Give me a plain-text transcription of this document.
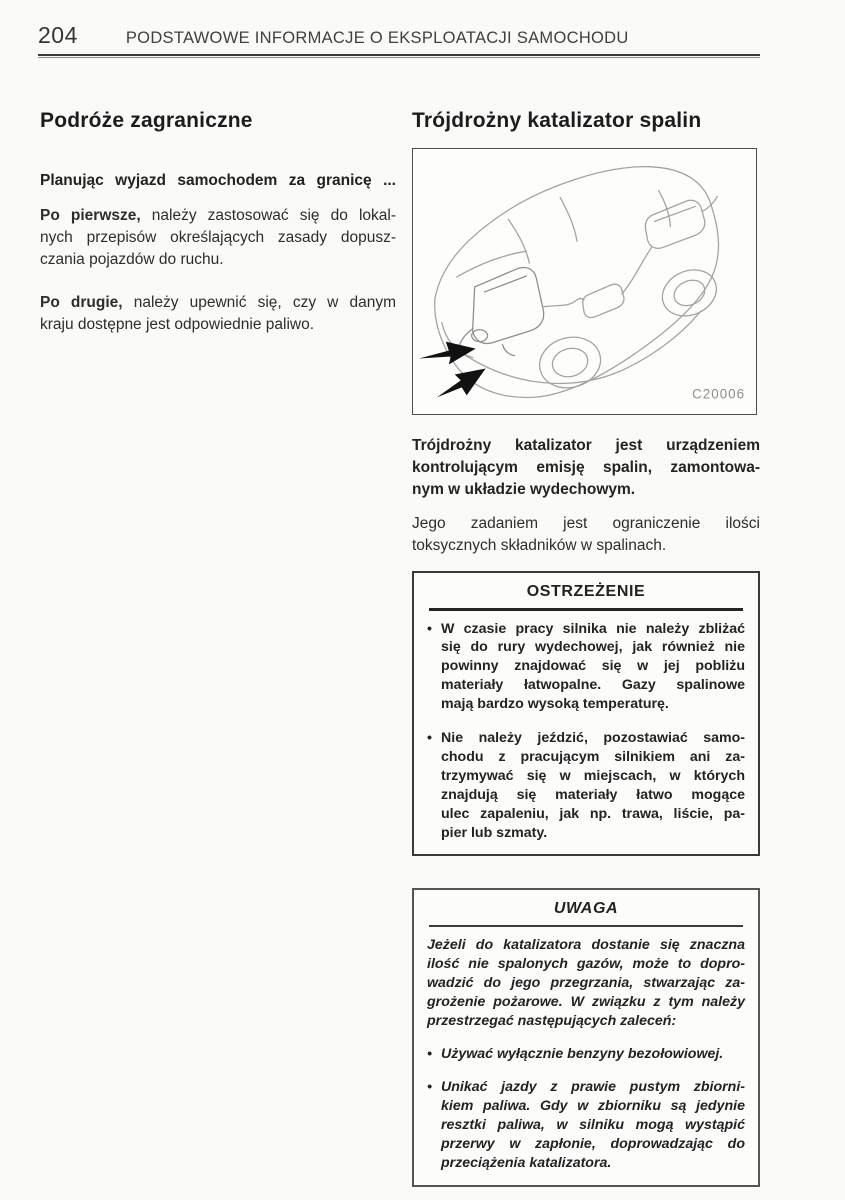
204	PODSTAWOWE INFORMACJE O EKSPLOATACJI SAMOCHODU
Podróże zagraniczne
Planując wyjazd samochodem za granicę ...
Po pierwsze, należy zastosować się do lokal-
nych przepisów określających zasady dopusz-
czania pojazdów do ruchu.
Po drugie, należy upewnić się, czy w danym
kraju dostępne jest odpowiednie paliwo.
Trójdrożny katalizator spalin
C20006
Trójdrożny katalizator jest urządzeniem
kontrolującym emisję spalin, zamontowa-
nym w układzie wydechowym.
Jego zadaniem jest ograniczenie ilości
toksycznych składników w spalinach.
OSTRZEŻENIE
• W czasie pracy silnika nie należy zbliżać
się do rury wydechowej, jak również nie
powinny znajdować się w jej pobliżu
materiały łatwopalne. Gazy spalinowe
mają bardzo wysoką temperaturę.
• Nie należy jeździć, pozostawiać samo-
chodu z pracującym silnikiem ani za-
trzymywać się w miejscach, w których
znajdują się materiały łatwo mogące
ulec zapaleniu, jak np. trawa, liście, pa-
pier lub szmaty.
UWAGA
Jeżeli do katalizatora dostanie się znaczna
ilość nie spalonych gazów, może to dopro-
wadzić do jego przegrzania, stwarzając za-
grożenie pożarowe. W związku z tym należy
przestrzegać następujących zaleceń:
• Używać wyłącznie benzyny bezołowiowej.
• Unikać jazdy z prawie pustym zbiorni-
kiem paliwa. Gdy w zbiorniku są jedynie
resztki paliwa, w silniku mogą wystąpić
przerwy w zapłonie, doprowadzając do
przeciążenia katalizatora.
